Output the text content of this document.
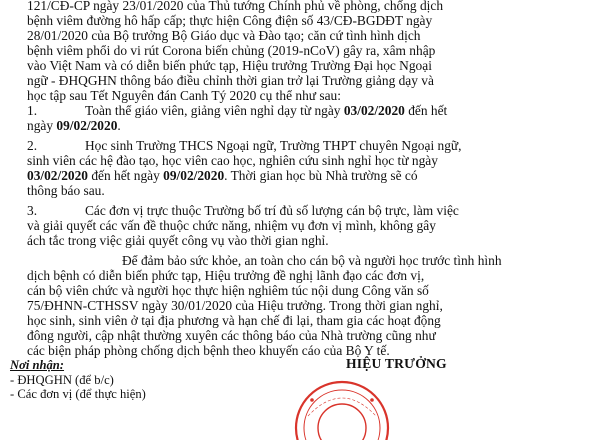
121/CĐ-CP ngày 23/01/2020 của Thủ tướng Chính phủ về phòng, chống dịch
bệnh viêm đường hô hấp cấp; thực hiện Công điện số 43/CĐ-BGDĐT ngày
28/01/2020 của Bộ trưởng Bộ Giáo dục và Đào tạo; căn cứ tình hình dịch
bệnh viêm phổi do vi rút Corona biến chủng (2019-nCoV) gây ra, xâm nhập
vào Việt Nam và có diễn biến phức tạp, Hiệu trưởng Trường Đại học Ngoại
ngữ - ĐHQGHN thông báo điều chỉnh thời gian trở lại Trường giảng dạy và
học tập sau Tết Nguyên đán Canh Tý 2020 cụ thể như sau:
1.	Toàn thể giáo viên, giảng viên nghỉ dạy từ ngày 03/02/2020 đến hết
ngày 09/02/2020.
2.	Học sinh Trường THCS Ngoại ngữ, Trường THPT chuyên Ngoại ngữ,
sinh viên các hệ đào tạo, học viên cao học, nghiên cứu sinh nghỉ học từ ngày
03/02/2020 đến hết ngày 09/02/2020. Thời gian học bù Nhà trường sẽ có
thông báo sau.
3.	Các đơn vị trực thuộc Trường bố trí đủ số lượng cán bộ trực, làm việc
và giải quyết các vấn đề thuộc chức năng, nhiệm vụ đơn vị mình, không gây
ách tắc trong việc giải quyết công vụ vào thời gian nghỉ.
Để đảm bảo sức khỏe, an toàn cho cán bộ và người học trước tình hình
dịch bệnh có diễn biến phức tạp, Hiệu trưởng đề nghị lãnh đạo các đơn vị,
cán bộ viên chức và người học thực hiện nghiêm túc nội dung Công văn số
75/ĐHNN-CTHSSV ngày 30/01/2020 của Hiệu trưởng. Trong thời gian nghỉ,
học sinh, sinh viên ở tại địa phương và hạn chế đi lại, tham gia các hoạt động
đông người, cập nhật thường xuyên các thông báo của Nhà trường cũng như
các biện pháp phòng chống dịch bệnh theo khuyến cáo của Bộ Y tế.
Nơi nhận:
- ĐHQGHN (để b/c)
- Các đơn vị (để thực hiện)
HIỆU TRƯỞNG
